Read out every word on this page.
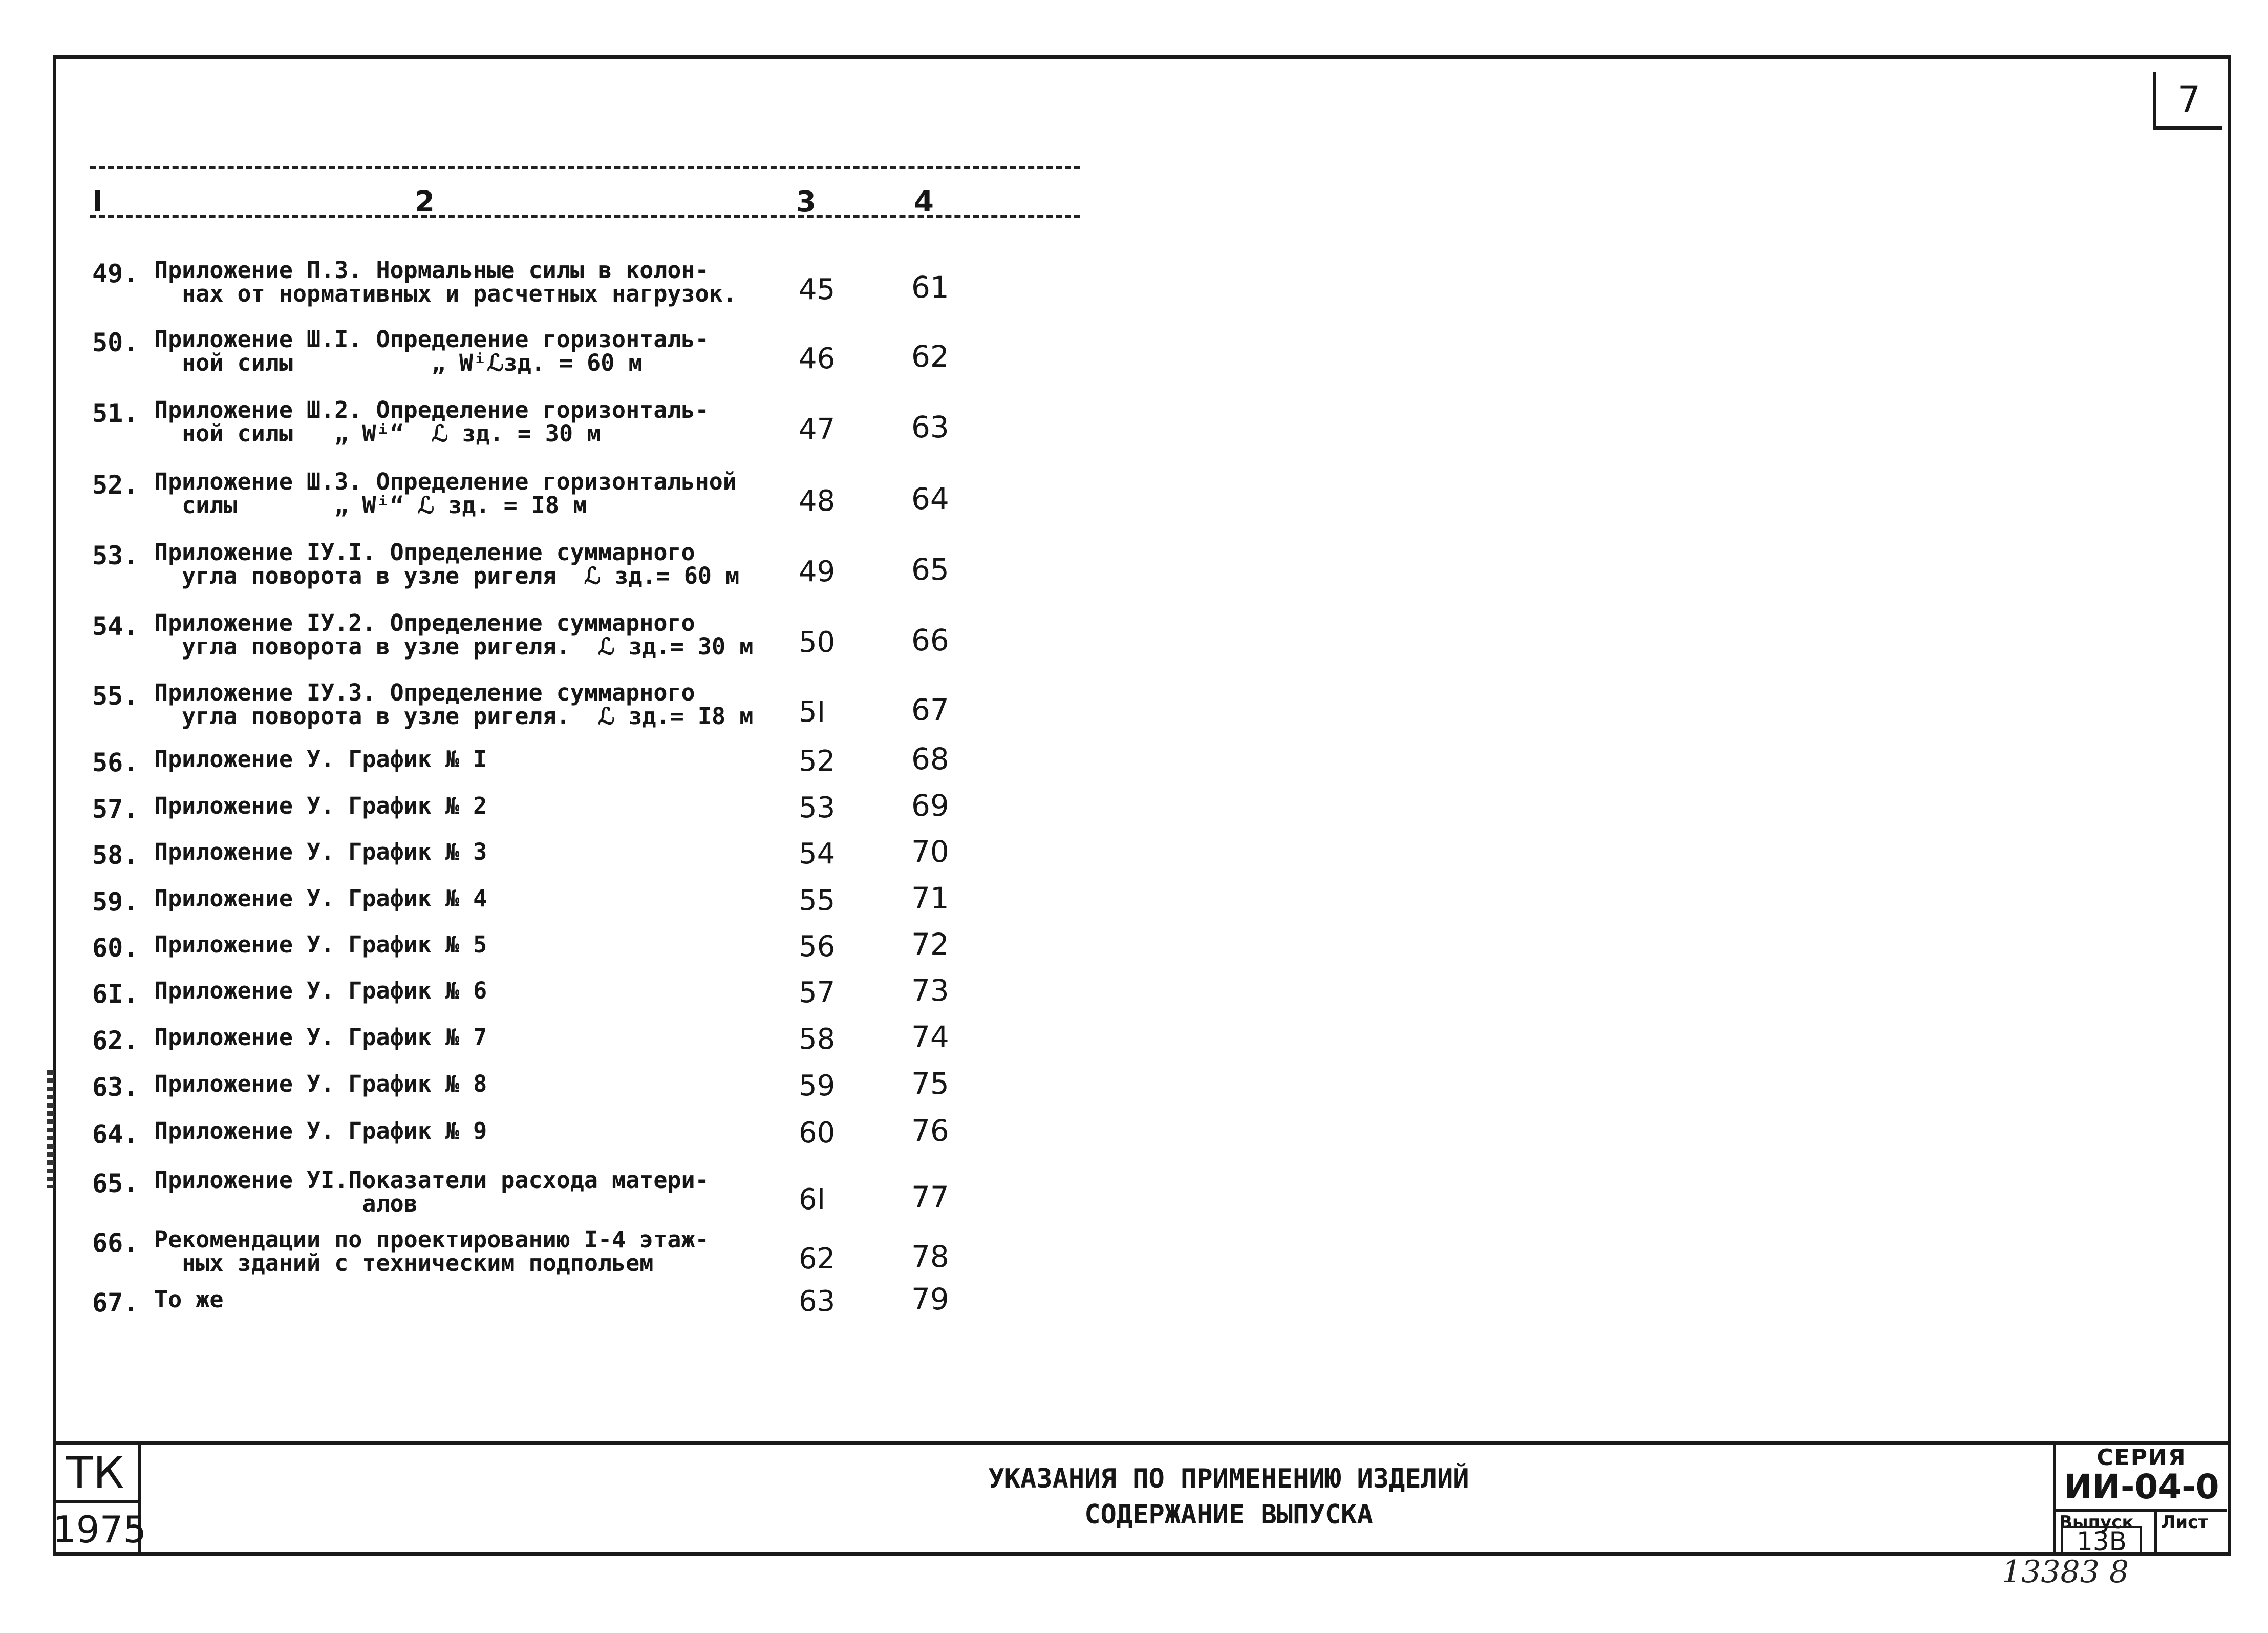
7
I	2	3	4
49. Приложение П.3. Нормальные силы в колон-
нах от нормативных и расчетных нагрузок.	45	61
50. Приложение Ш.I. Определение горизонталь-
ной силы          „ Wⁱℒзд. = 60 м	46	62
51. Приложение Ш.2. Определение горизонталь-
ной силы   „ Wⁱ“  ℒ зд. = 30 м	47	63
52. Приложение Ш.3. Определение горизонтальной
силы       „ Wⁱ“ ℒ зд. = I8 м	48	64
53. Приложение IУ.I. Определение суммарного
угла поворота в узле ригеля  ℒ зд.= 60 м	49	65
54. Приложение IУ.2. Определение суммарного
угла поворота в узле ригеля.  ℒ зд.= 30 м	50	66
55. Приложение IУ.3. Определение суммарного
угла поворота в узле ригеля.  ℒ зд.= I8 м	5I	67
56. Приложение У. График № I	52	68
57. Приложение У. График № 2	53	69
58. Приложение У. График № 3	54	70
59. Приложение У. График № 4	55	71
60. Приложение У. График № 5	56	72
6I. Приложение У. График № 6	57	73
62. Приложение У. График № 7	58	74
63. Приложение У. График № 8	59	75
64. Приложение У. График № 9	60	76
65. Приложение УI.Показатели расхода матери-
алов	6I	77
66. Рекомендации по проектированию I-4 этаж-
ных зданий с техническим подпольем	62	78
67. То же	63	79
ТК
1975
УКАЗАНИЯ ПО ПРИМЕНЕНИЮ ИЗДЕЛИЙ
СОДЕРЖАНИЕ ВЫПУСКА
СЕРИЯ
ИИ-04-0
Выпуск Лист
13В
13383 8
